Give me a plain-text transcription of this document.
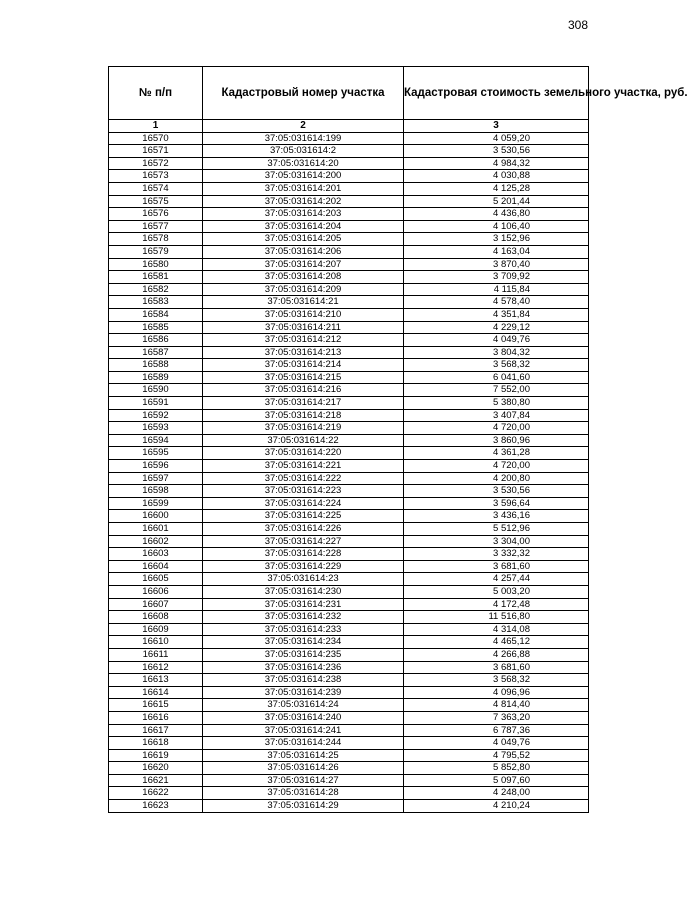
308
№ п/п	Кадастровый номер участка	Кадастровая стоимость земельного участка, руб.
1	2	3
16570	37:05:031614:199	4 059,20
16571	37:05:031614:2	3 530,56
16572	37:05:031614:20	4 984,32
16573	37:05:031614:200	4 030,88
16574	37:05:031614:201	4 125,28
16575	37:05:031614:202	5 201,44
16576	37:05:031614:203	4 436,80
16577	37:05:031614:204	4 106,40
16578	37:05:031614:205	3 152,96
16579	37:05:031614:206	4 163,04
16580	37:05:031614:207	3 870,40
16581	37:05:031614:208	3 709,92
16582	37:05:031614:209	4 115,84
16583	37:05:031614:21	4 578,40
16584	37:05:031614:210	4 351,84
16585	37:05:031614:211	4 229,12
16586	37:05:031614:212	4 049,76
16587	37:05:031614:213	3 804,32
16588	37:05:031614:214	3 568,32
16589	37:05:031614:215	6 041,60
16590	37:05:031614:216	7 552,00
16591	37:05:031614:217	5 380,80
16592	37:05:031614:218	3 407,84
16593	37:05:031614:219	4 720,00
16594	37:05:031614:22	3 860,96
16595	37:05:031614:220	4 361,28
16596	37:05:031614:221	4 720,00
16597	37:05:031614:222	4 200,80
16598	37:05:031614:223	3 530,56
16599	37:05:031614:224	3 596,64
16600	37:05:031614:225	3 436,16
16601	37:05:031614:226	5 512,96
16602	37:05:031614:227	3 304,00
16603	37:05:031614:228	3 332,32
16604	37:05:031614:229	3 681,60
16605	37:05:031614:23	4 257,44
16606	37:05:031614:230	5 003,20
16607	37:05:031614:231	4 172,48
16608	37:05:031614:232	11 516,80
16609	37:05:031614:233	4 314,08
16610	37:05:031614:234	4 465,12
16611	37:05:031614:235	4 266,88
16612	37:05:031614:236	3 681,60
16613	37:05:031614:238	3 568,32
16614	37:05:031614:239	4 096,96
16615	37:05:031614:24	4 814,40
16616	37:05:031614:240	7 363,20
16617	37:05:031614:241	6 787,36
16618	37:05:031614:244	4 049,76
16619	37:05:031614:25	4 795,52
16620	37:05:031614:26	5 852,80
16621	37:05:031614:27	5 097,60
16622	37:05:031614:28	4 248,00
16623	37:05:031614:29	4 210,24
